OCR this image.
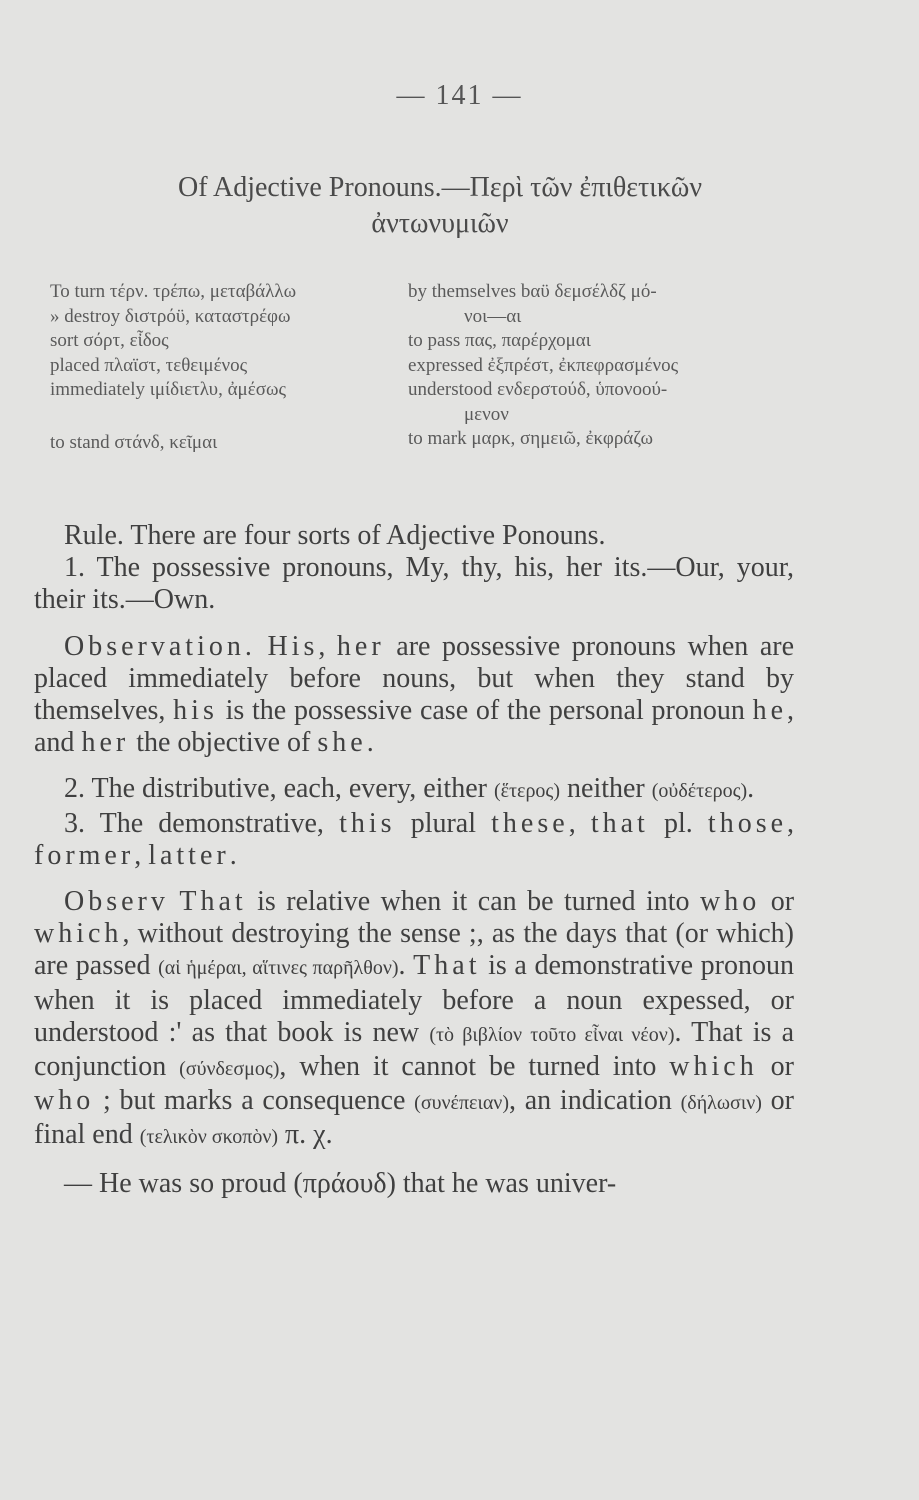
— 141 —
Of Adjective Pronouns.—Περὶ τῶν ἐπιθετικῶν
ἀντωνυμιῶν
To turn τέρν. τρέπω, μεταβάλλω
» destroy διστρόϋ, καταστρέφω
sort σόρτ, εἶδος
placed πλαϊστ, τεθειμένος
immediately ιμίδιετλυ, ἀμέσως
to stand στάνδ, κεῖμαι
by themselves bαϋ δεμσέλδζ μό-
νοι—αι
to pass πας, παρέρχομαι
expressed ἐξπρέστ, ἐκπεφρασμένος
understood ενδερστούδ, ὑπονοού-
μενον
to mark μαρκ, σημειῶ, ἐκφράζω

Rule. There are four sorts of Adjective Ponouns.

1. The possessive pronouns, My, thy, his, her its.—Our, your, their its.—Own.

Observation. His, her are possessive pronouns when are placed immediately before nouns, but when they stand by themselves, his is the possessive case of the personal pronoun he, and her the objective of she.

2. The distributive, each, every, either (ἕτερος) neither (οὐδέτερος).

3. The demonstrative, this plural these, that pl. those, former, latter.

Observ That is relative when it can be turned into who or which, without destroying the sense ;, as the days that (or which) are passed (αἱ ἡμέραι, αἵτινες παρῆλθον). That is a demonstrative pronoun when it is placed immediately before a noun expessed, or understood :' as that book is new (τὸ βιβλίον τοῦτο εἶναι νέον). That is a conjunction (σύνδεσμος), when it cannot be turned into which or who ; but marks a consequence (συνέπειαν), an indication (δήλωσιν) or final end (τελικὸν σκοπὸν) π. χ.

— He was so proud (πράουδ) that he was univer-
